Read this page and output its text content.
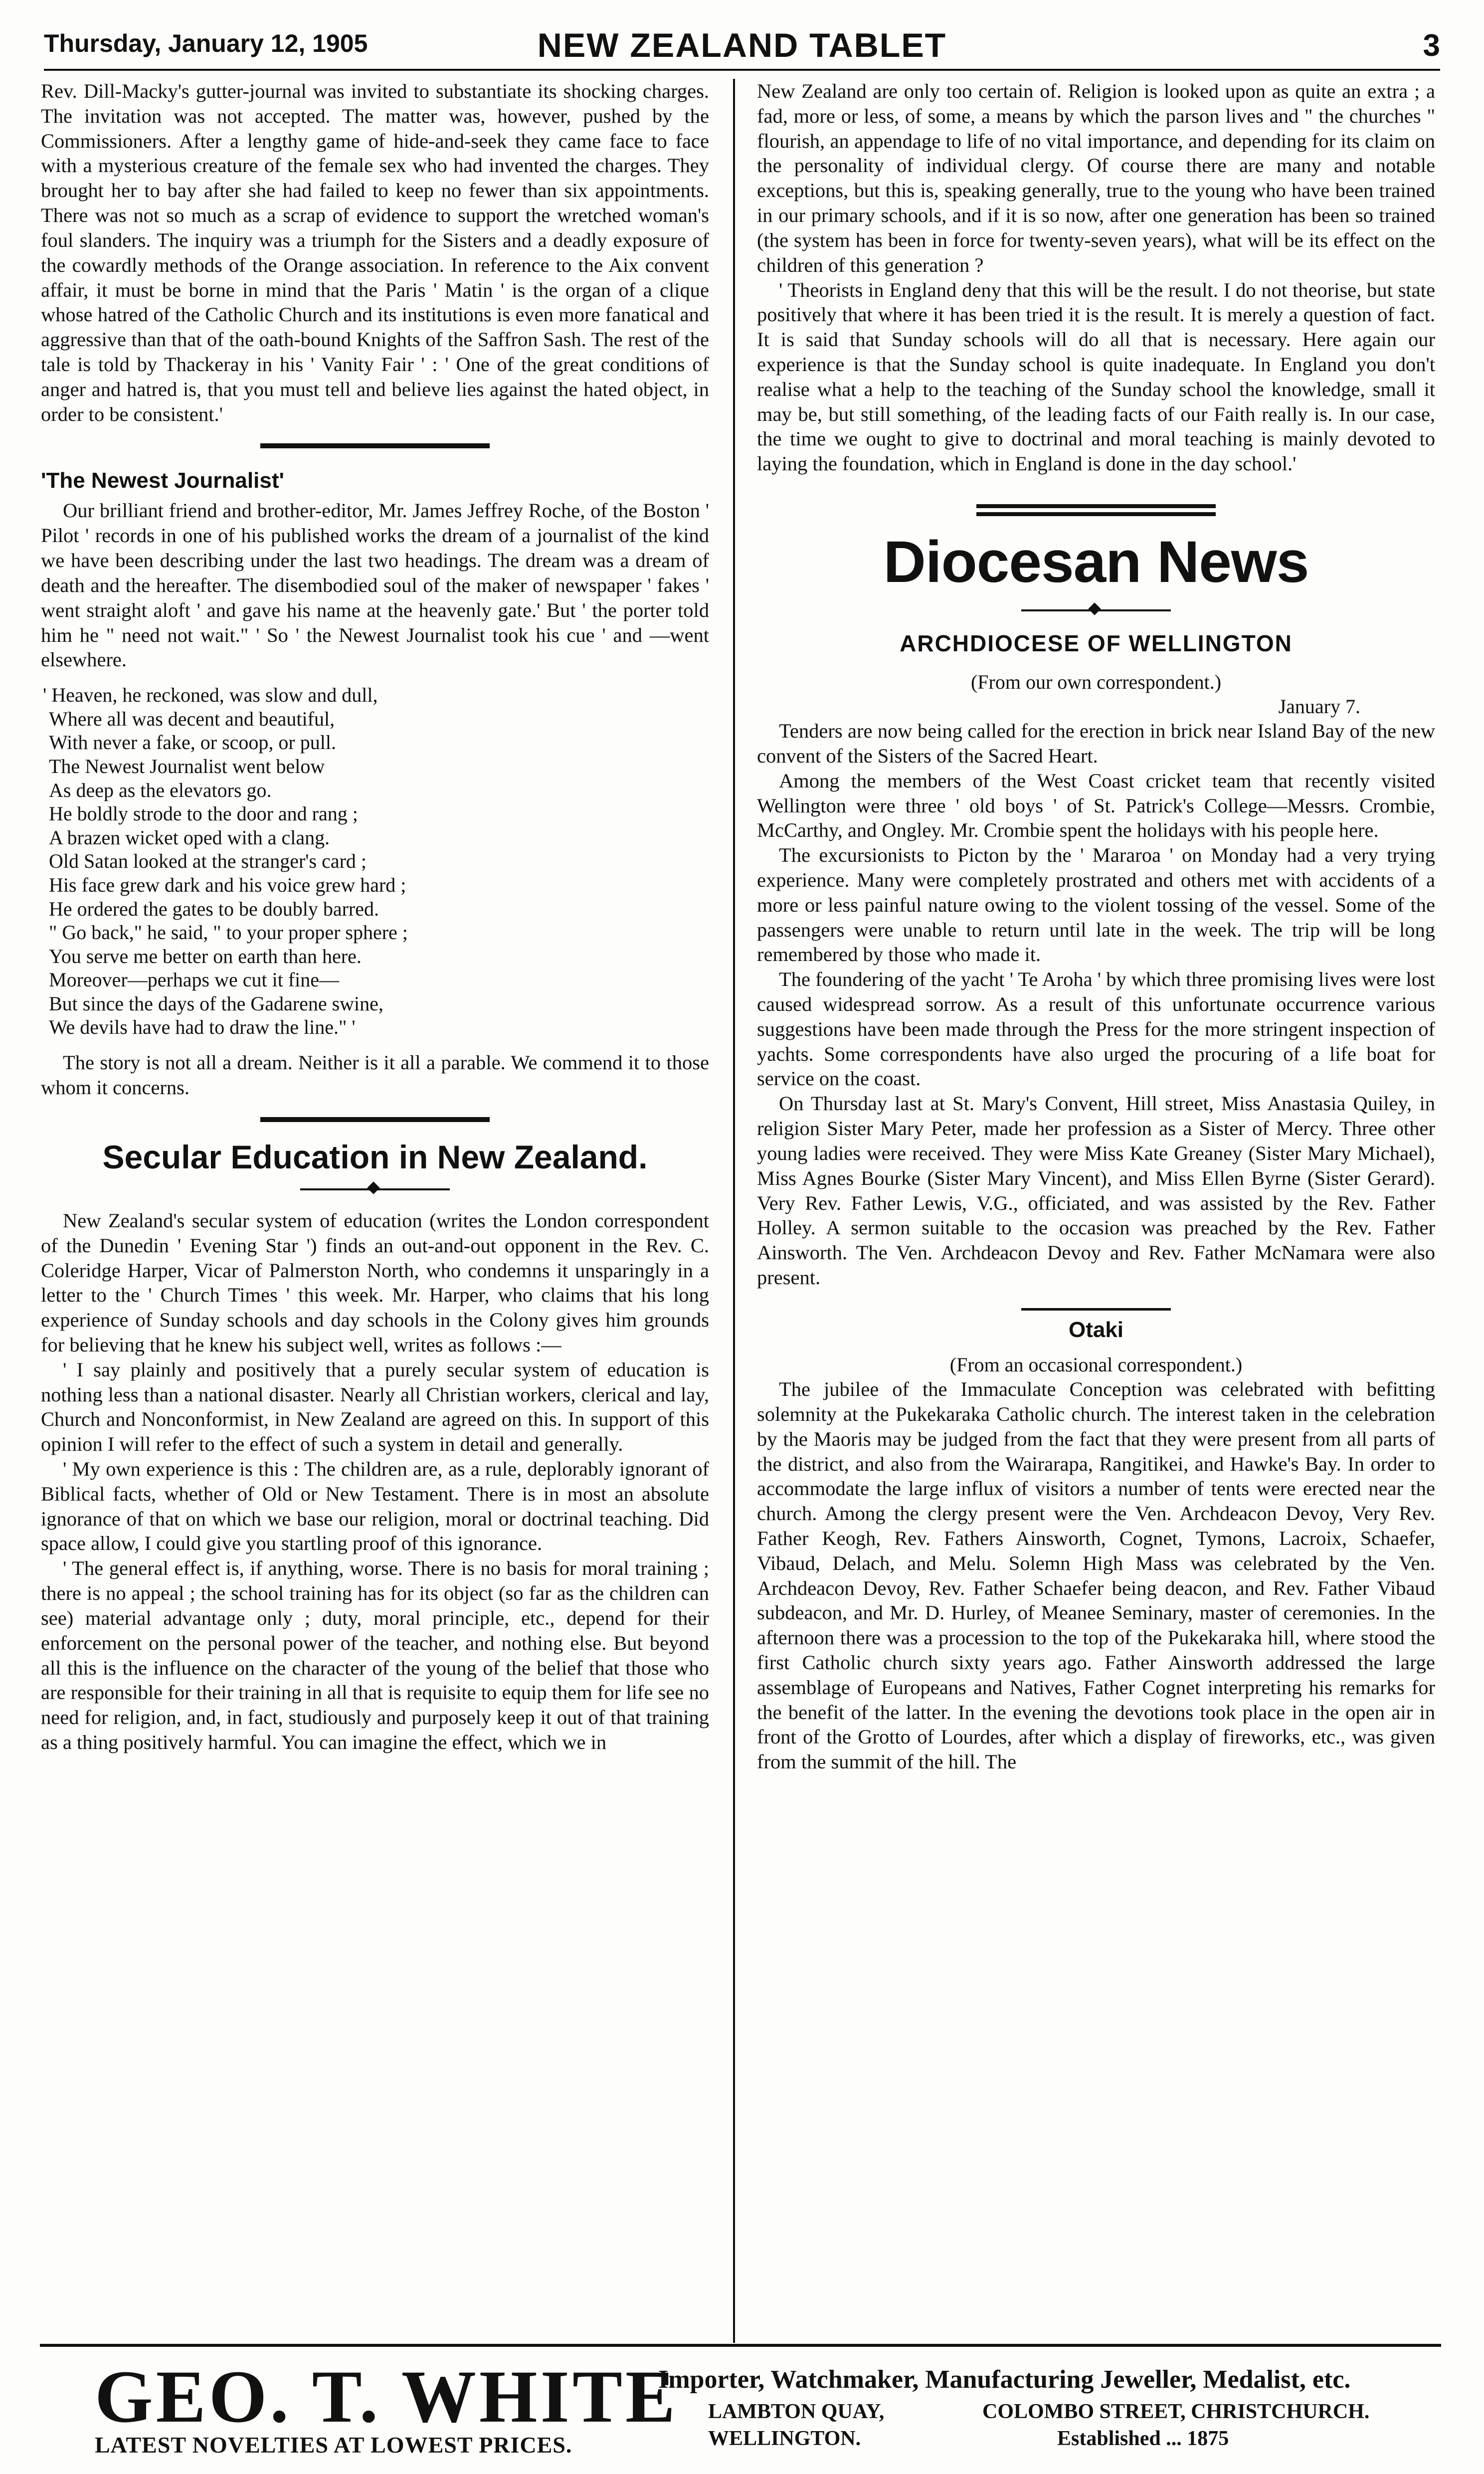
Thursday, January 12, 1905	NEW ZEALAND TABLET	3

Rev. Dill-Macky's gutter-journal was invited to substantiate its shocking charges. The invitation was not accepted. The matter was, however, pushed by the Commissioners. After a lengthy game of hide-and-seek they came face to face with a mysterious creature of the female sex who had invented the charges. They brought her to bay after she had failed to keep no fewer than six appointments. There was not so much as a scrap of evidence to support the wretched woman's foul slanders. The inquiry was a triumph for the Sisters and a deadly exposure of the cowardly methods of the Orange association. In reference to the Aix convent affair, it must be borne in mind that the Paris ' Matin ' is the organ of a clique whose hatred of the Catholic Church and its institutions is even more fanatical and aggressive than that of the oath-bound Knights of the Saffron Sash. The rest of the tale is told by Thackeray in his ' Vanity Fair ' : ' One of the great conditions of anger and hatred is, that you must tell and believe lies against the hated object, in order to be consistent.'

'The Newest Journalist'

Our brilliant friend and brother-editor, Mr. James Jeffrey Roche, of the Boston ' Pilot ' records in one of his published works the dream of a journalist of the kind we have been describing under the last two headings. The dream was a dream of death and the hereafter. The disembodied soul of the maker of newspaper ' fakes ' went straight aloft ' and gave his name at the heavenly gate.' But ' the porter told him he " need not wait." ' So ' the Newest Journalist took his cue ' and —went elsewhere.

' Heaven, he reckoned, was slow and dull,
Where all was decent and beautiful,
With never a fake, or scoop, or pull.
The Newest Journalist went below
As deep as the elevators go.
He boldly strode to the door and rang ;
A brazen wicket oped with a clang.
Old Satan looked at the stranger's card ;
His face grew dark and his voice grew hard ;
He ordered the gates to be doubly barred.
" Go back," he said, " to your proper sphere ;
You serve me better on earth than here.
Moreover—perhaps we cut it fine—
But since the days of the Gadarene swine,
We devils have had to draw the line." '

The story is not all a dream. Neither is it all a parable. We commend it to those whom it concerns.

Secular Education in New Zealand.

New Zealand's secular system of education (writes the London correspondent of the Dunedin ' Evening Star ') finds an out-and-out opponent in the Rev. C. Coleridge Harper, Vicar of Palmerston North, who condemns it unsparingly in a letter to the ' Church Times ' this week. Mr. Harper, who claims that his long experience of Sunday schools and day schools in the Colony gives him grounds for believing that he knew his subject well, writes as follows :—

' I say plainly and positively that a purely secular system of education is nothing less than a national disaster. Nearly all Christian workers, clerical and lay, Church and Nonconformist, in New Zealand are agreed on this. In support of this opinion I will refer to the effect of such a system in detail and generally.

' My own experience is this : The children are, as a rule, deplorably ignorant of Biblical facts, whether of Old or New Testament. There is in most an absolute ignorance of that on which we base our religion, moral or doctrinal teaching. Did space allow, I could give you startling proof of this ignorance.

' The general effect is, if anything, worse. There is no basis for moral training ; there is no appeal ; the school training has for its object (so far as the children can see) material advantage only ; duty, moral principle, etc., depend for their enforcement on the personal power of the teacher, and nothing else. But beyond all this is the influence on the character of the young of the belief that those who are responsible for their training in all that is requisite to equip them for life see no need for religion, and, in fact, studiously and purposely keep it out of that training as a thing positively harmful. You can imagine the effect, which we in

New Zealand are only too certain of. Religion is looked upon as quite an extra ; a fad, more or less, of some, a means by which the parson lives and " the churches " flourish, an appendage to life of no vital importance, and depending for its claim on the personality of individual clergy. Of course there are many and notable exceptions, but this is, speaking generally, true to the young who have been trained in our primary schools, and if it is so now, after one generation has been so trained (the system has been in force for twenty-seven years), what will be its effect on the children of this generation ?

' Theorists in England deny that this will be the result. I do not theorise, but state positively that where it has been tried it is the result. It is merely a question of fact. It is said that Sunday schools will do all that is necessary. Here again our experience is that the Sunday school is quite inadequate. In England you don't realise what a help to the teaching of the Sunday school the knowledge, small it may be, but still something, of the leading facts of our Faith really is. In our case, the time we ought to give to doctrinal and moral teaching is mainly devoted to laying the foundation, which in England is done in the day school.'

Diocesan News
ARCHDIOCESE OF WELLINGTON
(From our own correspondent.)
January 7.

Tenders are now being called for the erection in brick near Island Bay of the new convent of the Sisters of the Sacred Heart.

Among the members of the West Coast cricket team that recently visited Wellington were three ' old boys ' of St. Patrick's College—Messrs. Crombie, McCarthy, and Ongley. Mr. Crombie spent the holidays with his people here.

The excursionists to Picton by the ' Mararoa ' on Monday had a very trying experience. Many were completely prostrated and others met with accidents of a more or less painful nature owing to the violent tossing of the vessel. Some of the passengers were unable to return until late in the week. The trip will be long remembered by those who made it.

The foundering of the yacht ' Te Aroha ' by which three promising lives were lost caused widespread sorrow. As a result of this unfortunate occurrence various suggestions have been made through the Press for the more stringent inspection of yachts. Some correspondents have also urged the procuring of a life boat for service on the coast.

On Thursday last at St. Mary's Convent, Hill street, Miss Anastasia Quiley, in religion Sister Mary Peter, made her profession as a Sister of Mercy. Three other young ladies were received. They were Miss Kate Greaney (Sister Mary Michael), Miss Agnes Bourke (Sister Mary Vincent), and Miss Ellen Byrne (Sister Gerard). Very Rev. Father Lewis, V.G., officiated, and was assisted by the Rev. Father Holley. A sermon suitable to the occasion was preached by the Rev. Father Ainsworth. The Ven. Archdeacon Devoy and Rev. Father McNamara were also present.

Otaki
(From an occasional correspondent.)

The jubilee of the Immaculate Conception was celebrated with befitting solemnity at the Pukekaraka Catholic church. The interest taken in the celebration by the Maoris may be judged from the fact that they were present from all parts of the district, and also from the Wairarapa, Rangitikei, and Hawke's Bay. In order to accommodate the large influx of visitors a number of tents were erected near the church. Among the clergy present were the Ven. Archdeacon Devoy, Very Rev. Father Keogh, Rev. Fathers Ainsworth, Cognet, Tymons, Lacroix, Schaefer, Vibaud, Delach, and Melu. Solemn High Mass was celebrated by the Ven. Archdeacon Devoy, Rev. Father Schaefer being deacon, and Rev. Father Vibaud subdeacon, and Mr. D. Hurley, of Meanee Seminary, master of ceremonies. In the afternoon there was a procession to the top of the Pukekaraka hill, where stood the first Catholic church sixty years ago. Father Ainsworth addressed the large assemblage of Europeans and Natives, Father Cognet interpreting his remarks for the benefit of the latter. In the evening the devotions took place in the open air in front of the Grotto of Lourdes, after which a display of fireworks, etc., was given from the summit of the hill. The

GEO. T. WHITE
LATEST NOVELTIES AT LOWEST PRICES.
Importer, Watchmaker, Manufacturing Jeweller, Medalist, etc.
LAMBTON QUAY,
WELLINGTON.
COLOMBO STREET, CHRISTCHURCH.
Established ... 1875
